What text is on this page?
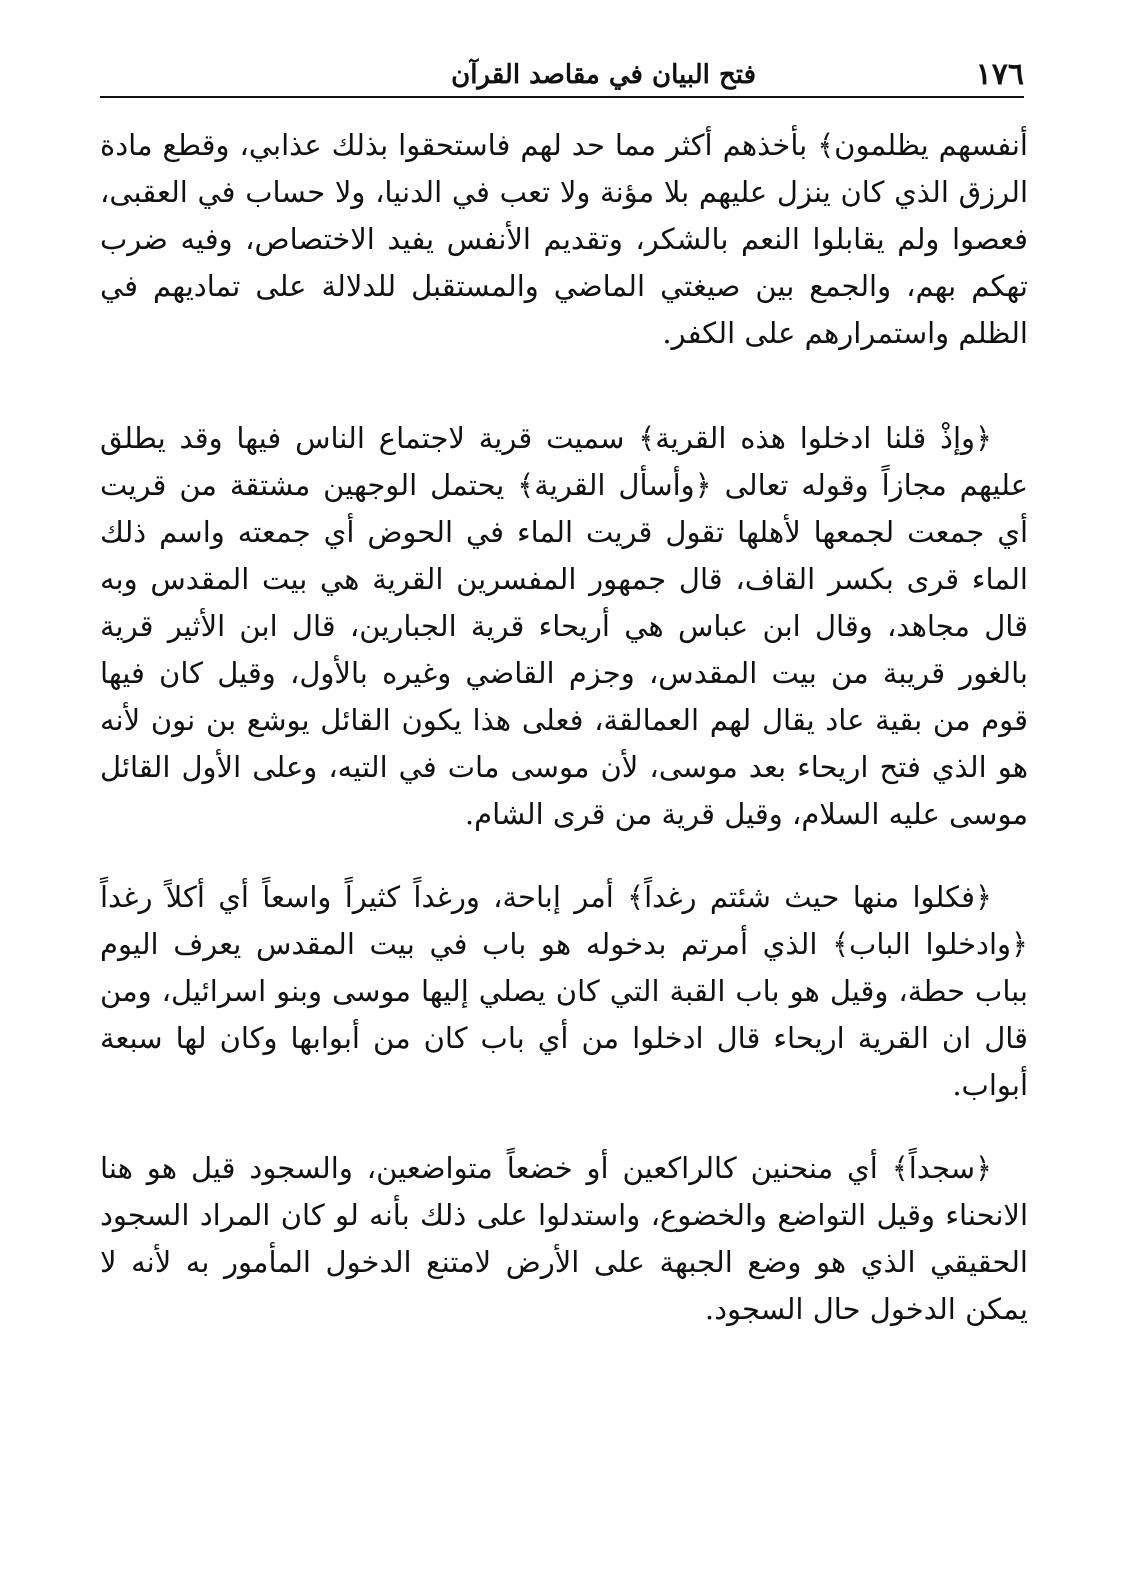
١٧٦
فتح البيان في مقاصد القرآن

أنفسهم يظلمون﴾ بأخذهم أكثر مما حد لهم فاستحقوا بذلك عذابي، وقطع مادة الرزق الذي كان ينزل عليهم بلا مؤنة ولا تعب في الدنيا، ولا حساب في العقبى، فعصوا ولم يقابلوا النعم بالشكر، وتقديم الأنفس يفيد الاختصاص، وفيه ضرب تهكم بهم، والجمع بين صيغتي الماضي والمستقبل للدلالة على تماديهم في الظلم واستمرارهم على الكفر.

﴿وإذْ قلنا ادخلوا هذه القرية﴾ سميت قرية لاجتماع الناس فيها وقد يطلق عليهم مجازاً وقوله تعالى ﴿وأسأل القرية﴾ يحتمل الوجهين مشتقة من قريت أي جمعت لجمعها لأهلها تقول قريت الماء في الحوض أي جمعته واسم ذلك الماء قرى بكسر القاف، قال جمهور المفسرين القرية هي بيت المقدس وبه قال مجاهد، وقال ابن عباس هي أريحاء قرية الجبارين، قال ابن الأثير قرية بالغور قريبة من بيت المقدس، وجزم القاضي وغيره بالأول، وقيل كان فيها قوم من بقية عاد يقال لهم العمالقة، فعلى هذا يكون القائل يوشع بن نون لأنه هو الذي فتح اريحاء بعد موسى، لأن موسى مات في التيه، وعلى الأول القائل موسى عليه السلام، وقيل قرية من قرى الشام.

﴿فكلوا منها حيث شئتم رغداً﴾ أمر إباحة، ورغداً كثيراً واسعاً أي أكلاً رغداً ﴿وادخلوا الباب﴾ الذي أمرتم بدخوله هو باب في بيت المقدس يعرف اليوم بباب حطة، وقيل هو باب القبة التي كان يصلي إليها موسى وبنو اسرائيل، ومن قال ان القرية اريحاء قال ادخلوا من أي باب كان من أبوابها وكان لها سبعة أبواب.

﴿سجداً﴾ أي منحنين كالراكعين أو خضعاً متواضعين، والسجود قيل هو هنا الانحناء وقيل التواضع والخضوع، واستدلوا على ذلك بأنه لو كان المراد السجود الحقيقي الذي هو وضع الجبهة على الأرض لامتنع الدخول المأمور به لأنه لا يمكن الدخول حال السجود.
